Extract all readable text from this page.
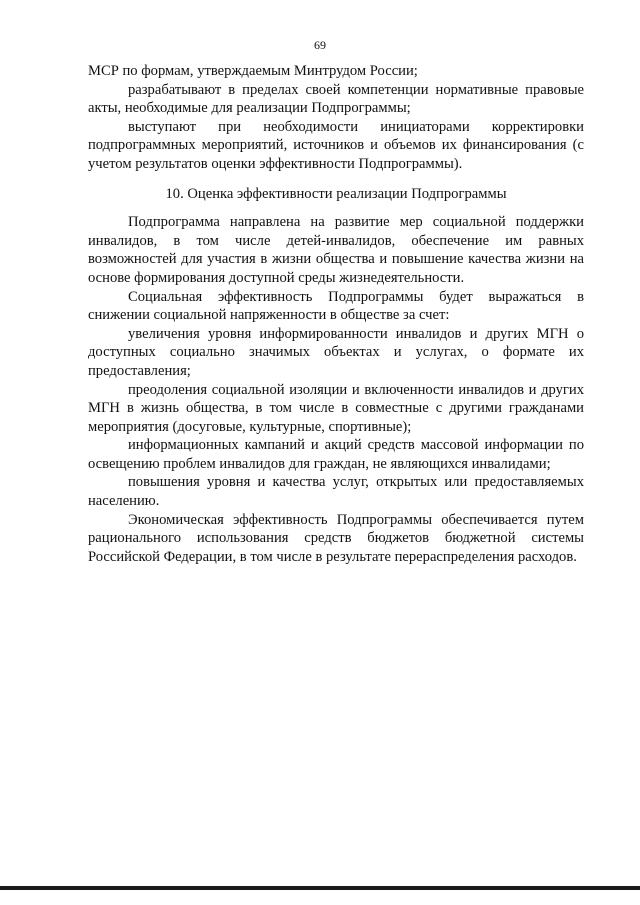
69

МСР по формам, утверждаемым Минтрудом России;

разрабатывают в пределах своей компетенции нормативные правовые акты, необходимые для реализации Подпрограммы;

выступают при необходимости инициаторами корректировки подпрограммных мероприятий, источников и объемов их финансирования (с учетом результатов оценки эффективности Подпрограммы).

10. Оценка эффективности реализации Подпрограммы

Подпрограмма направлена на развитие мер социальной поддержки инвалидов, в том числе детей-инвалидов, обеспечение им равных возможностей для участия в жизни общества и повышение качества жизни на основе формирования доступной среды жизнедеятельности.

Социальная эффективность Подпрограммы будет выражаться в снижении социальной напряженности в обществе за счет:

увеличения уровня информированности инвалидов и других МГН о доступных социально значимых объектах и услугах, о формате их предоставления;

преодоления социальной изоляции и включенности инвалидов и других МГН в жизнь общества, в том числе в совместные с другими гражданами мероприятия (досуговые, культурные, спортивные);

информационных кампаний и акций средств массовой информации по освещению проблем инвалидов для граждан, не являющихся инвалидами;

повышения уровня и качества услуг, открытых или предоставляемых населению.

Экономическая эффективность Подпрограммы обеспечивается путем рационального использования средств бюджетов бюджетной системы Российской Федерации, в том числе в результате перераспределения расходов.
